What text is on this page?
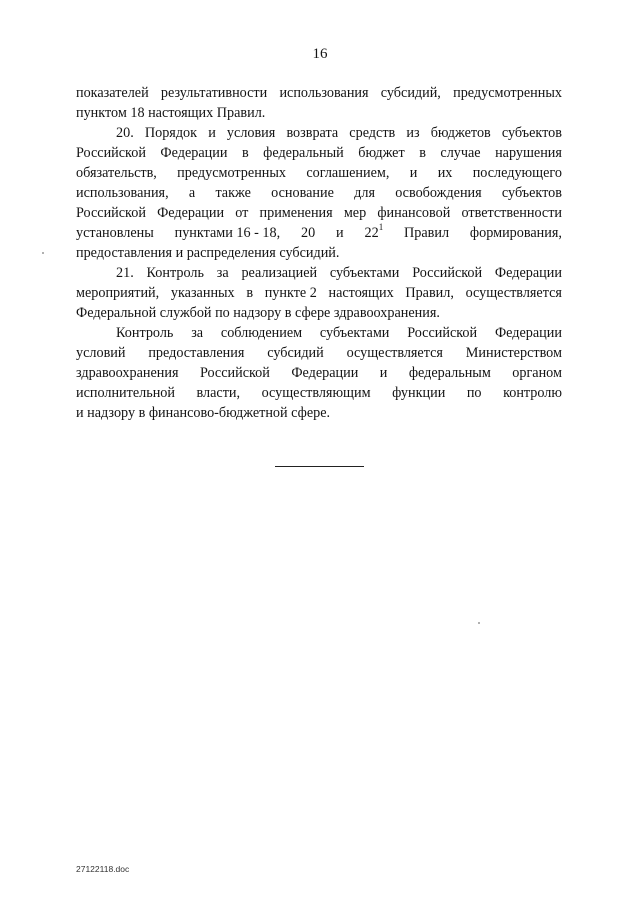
16
показателей результативности использования субсидий, предусмотренных
пунктом 18 настоящих Правил.
20. Порядок и условия возврата средств из бюджетов субъектов
Российской Федерации в федеральный бюджет в случае нарушения
обязательств, предусмотренных соглашением, и их последующего
использования, а также основание для освобождения субъектов
Российской Федерации от применения мер финансовой ответственности
установлены пунктами 16 - 18, 20 и $22^1$ Правил формирования,
предоставления и распределения субсидий.
21. Контроль за реализацией субъектами Российской Федерации
мероприятий, указанных в пункте 2 настоящих Правил, осуществляется
Федеральной службой по надзору в сфере здравоохранения.
Контроль за соблюдением субъектами Российской Федерации
условий предоставления субсидий осуществляется Министерством
здравоохранения Российской Федерации и федеральным органом
исполнительной власти, осуществляющим функции по контролю
и надзору в финансово-бюджетной сфере.
27122118.doc
